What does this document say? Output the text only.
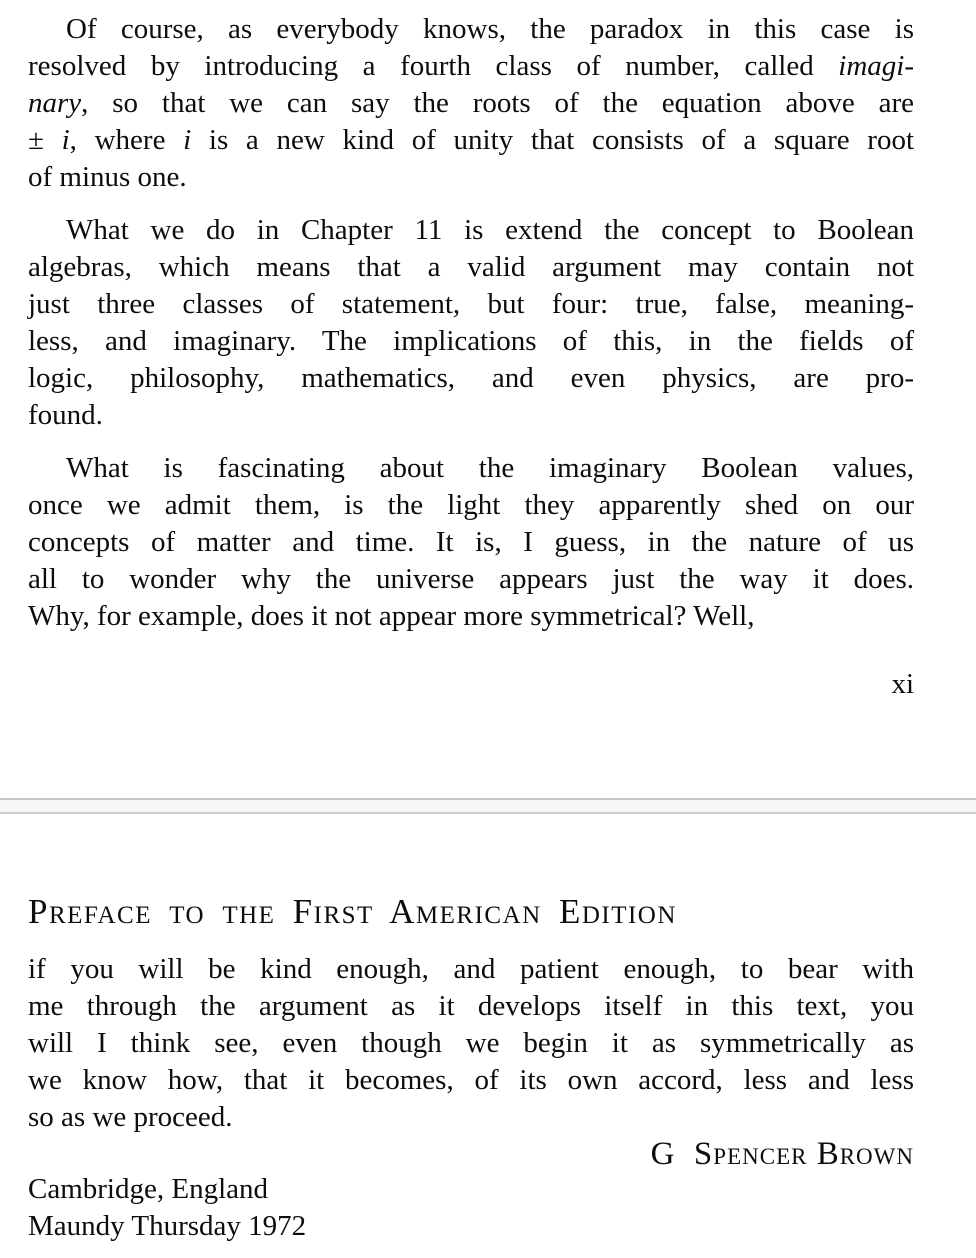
Of course, as everybody knows, the paradox in this case is
resolved by introducing a fourth class of number, called imagi-
nary, so that we can say the roots of the equation above are
± i, where i is a new kind of unity that consists of a square root
of minus one.
What we do in Chapter 11 is extend the concept to Boolean
algebras, which means that a valid argument may contain not
just three classes of statement, but four: true, false, meaning-
less, and imaginary. The implications of this, in the fields of
logic, philosophy, mathematics, and even physics, are pro-
found.
What is fascinating about the imaginary Boolean values,
once we admit them, is the light they apparently shed on our
concepts of matter and time. It is, I guess, in the nature of us
all to wonder why the universe appears just the way it does.
Why, for example, does it not appear more symmetrical? Well,
xi
Preface to the First American Edition
if you will be kind enough, and patient enough, to bear with
me through the argument as it develops itself in this text, you
will I think see, even though we begin it as symmetrically as
we know how, that it becomes, of its own accord, less and less
so as we proceed.
G  Spencer Brown
Cambridge, England
Maundy Thursday 1972
